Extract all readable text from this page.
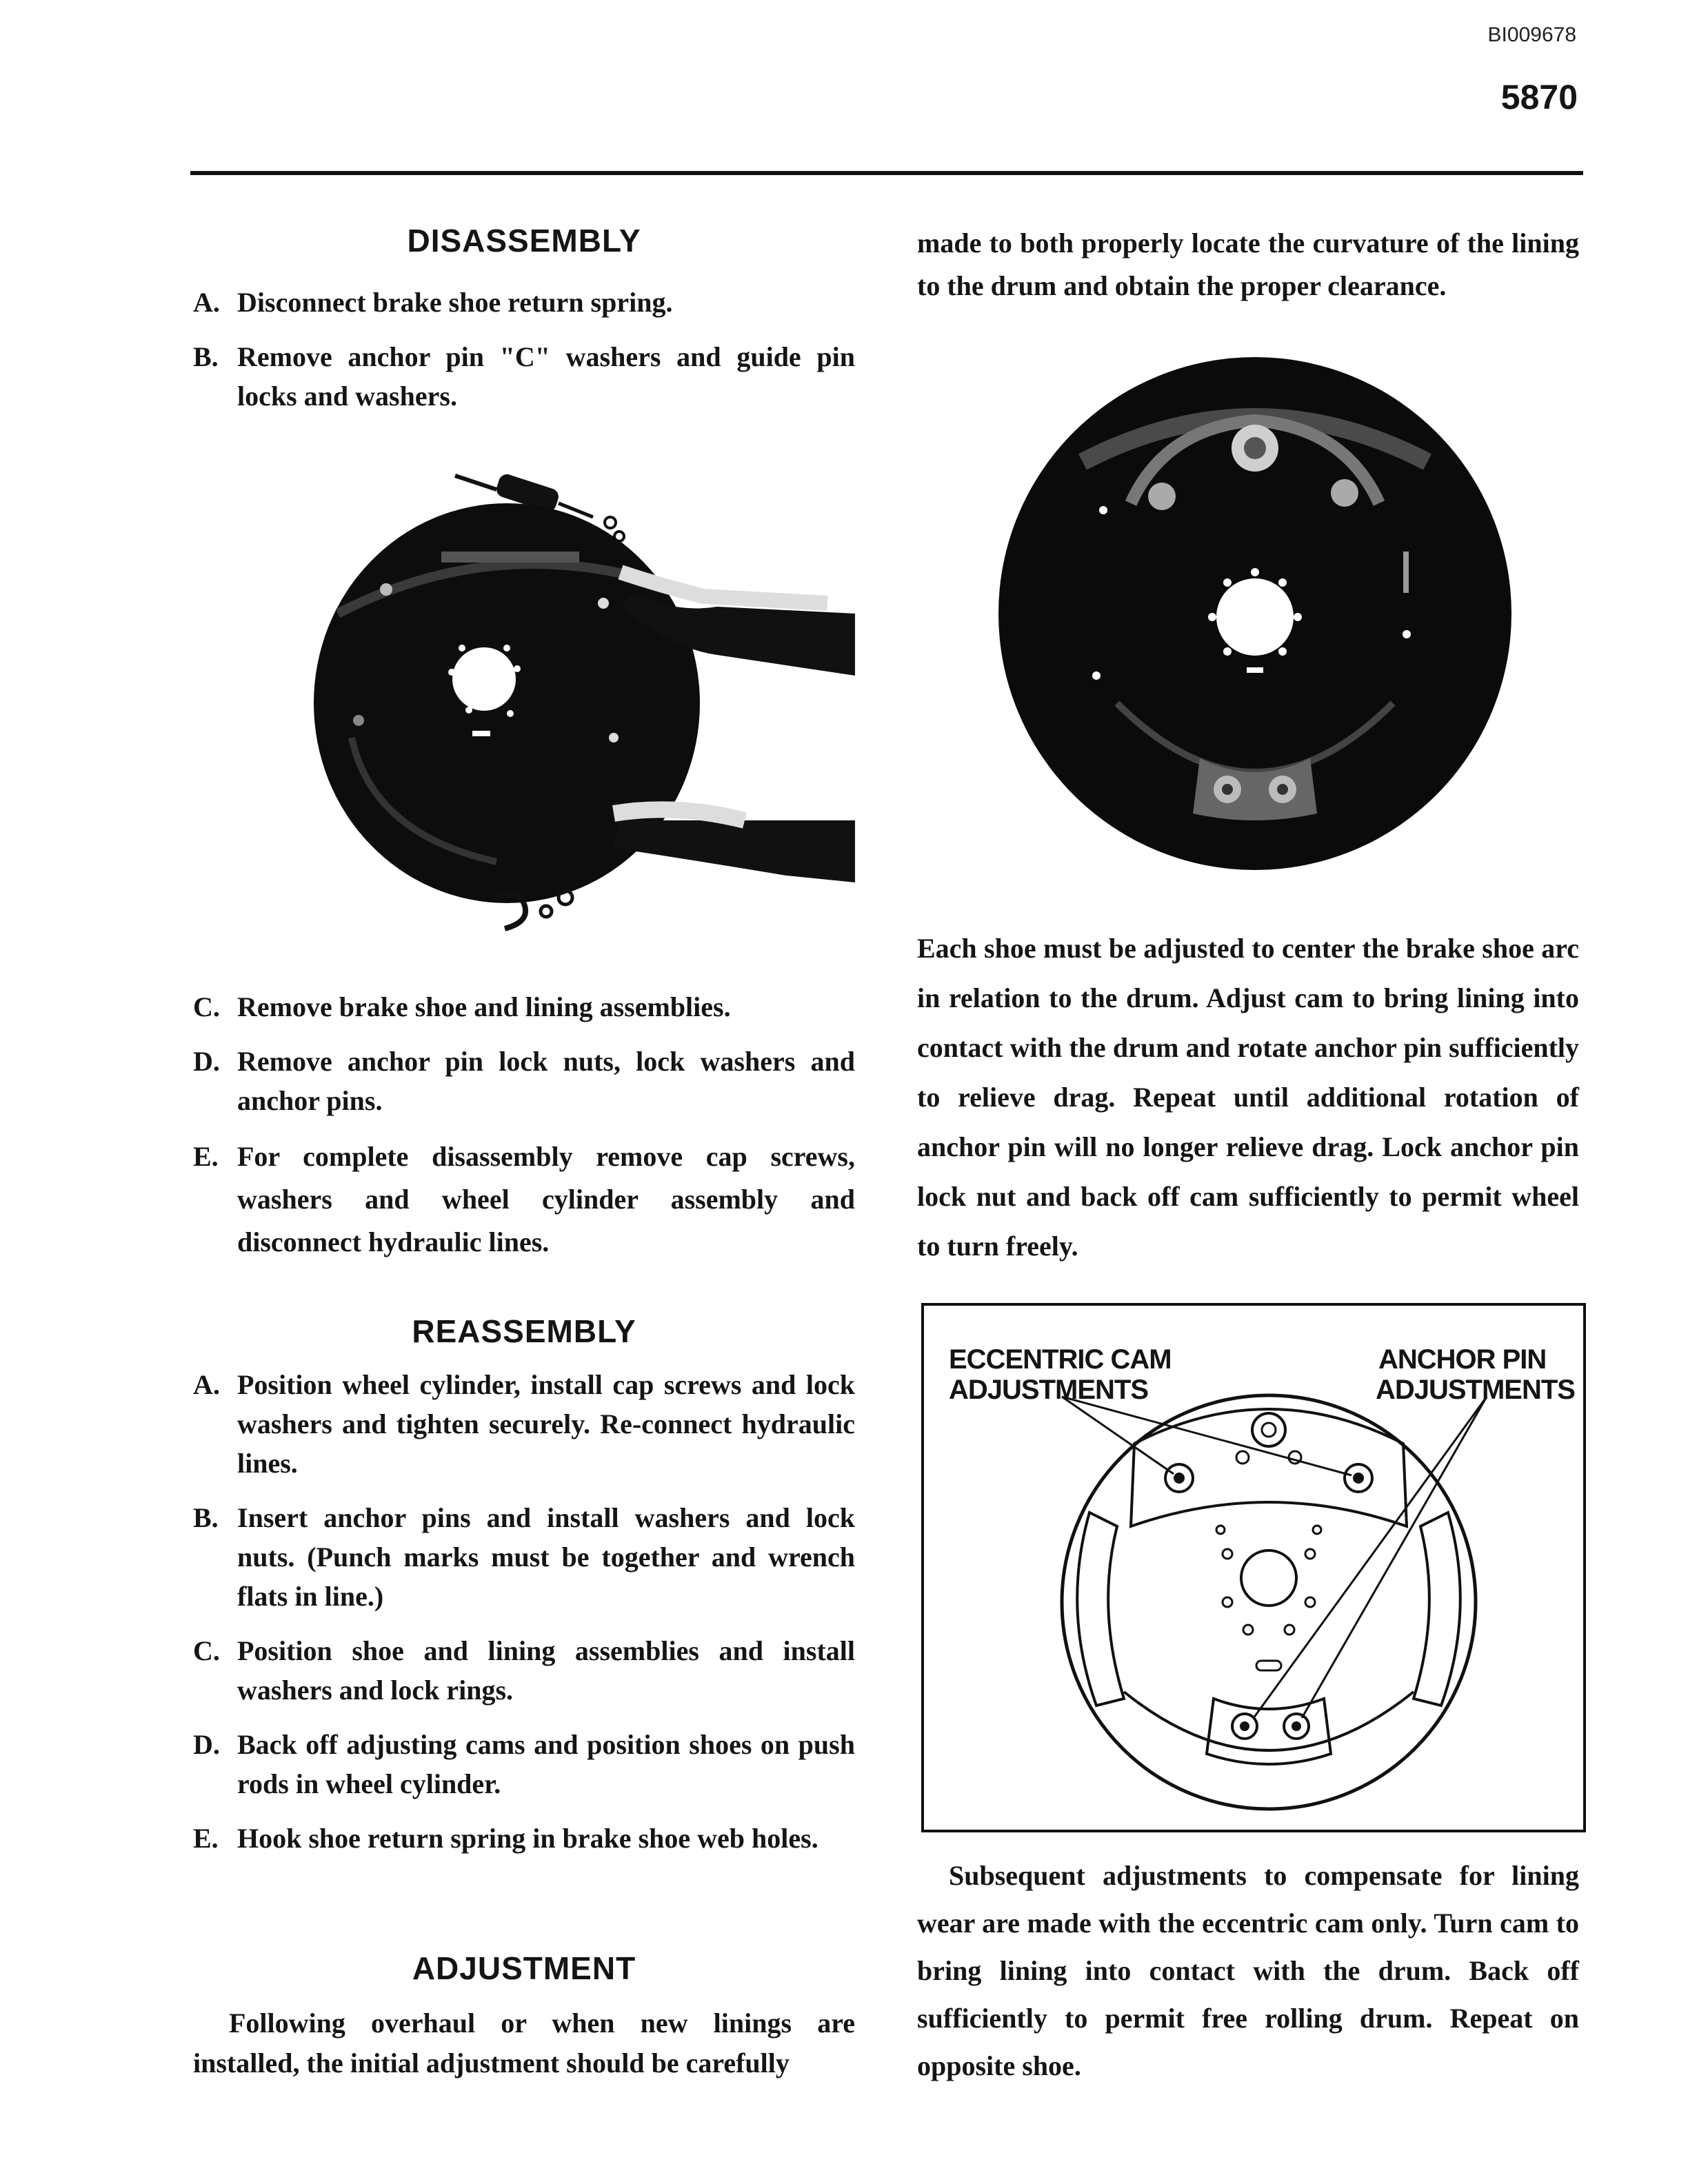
BI009678
5870
DISASSEMBLY
A. Disconnect brake shoe return spring.
B. Remove anchor pin "C" washers and guide pin locks and washers.
C. Remove brake shoe and lining assemblies.
D. Remove anchor pin lock nuts, lock washers and anchor pins.
E. For complete disassembly remove cap screws, washers and wheel cylinder assembly and disconnect hydraulic lines.
REASSEMBLY
A. Position wheel cylinder, install cap screws and lock washers and tighten securely. Re-connect hydraulic lines.
B. Insert anchor pins and install washers and lock nuts. (Punch marks must be together and wrench flats in line.)
C. Position shoe and lining assemblies and install washers and lock rings.
D. Back off adjusting cams and position shoes on push rods in wheel cylinder.
E. Hook shoe return spring in brake shoe web holes.
ADJUSTMENT
Following overhaul or when new linings are installed, the initial adjustment should be carefully
made to both properly locate the curvature of the lining to the drum and obtain the proper clearance.
Each shoe must be adjusted to center the brake shoe arc in relation to the drum. Adjust cam to bring lining into contact with the drum and rotate anchor pin sufficiently to relieve drag. Repeat until additional rotation of anchor pin will no longer relieve drag. Lock anchor pin lock nut and back off cam sufficiently to permit wheel to turn freely.
ECCENTRIC CAM
ADJUSTMENTS
ANCHOR PIN
ADJUSTMENTS
Subsequent adjustments to compensate for lining wear are made with the eccentric cam only. Turn cam to bring lining into contact with the drum. Back off sufficiently to permit free rolling drum. Repeat on opposite shoe.
